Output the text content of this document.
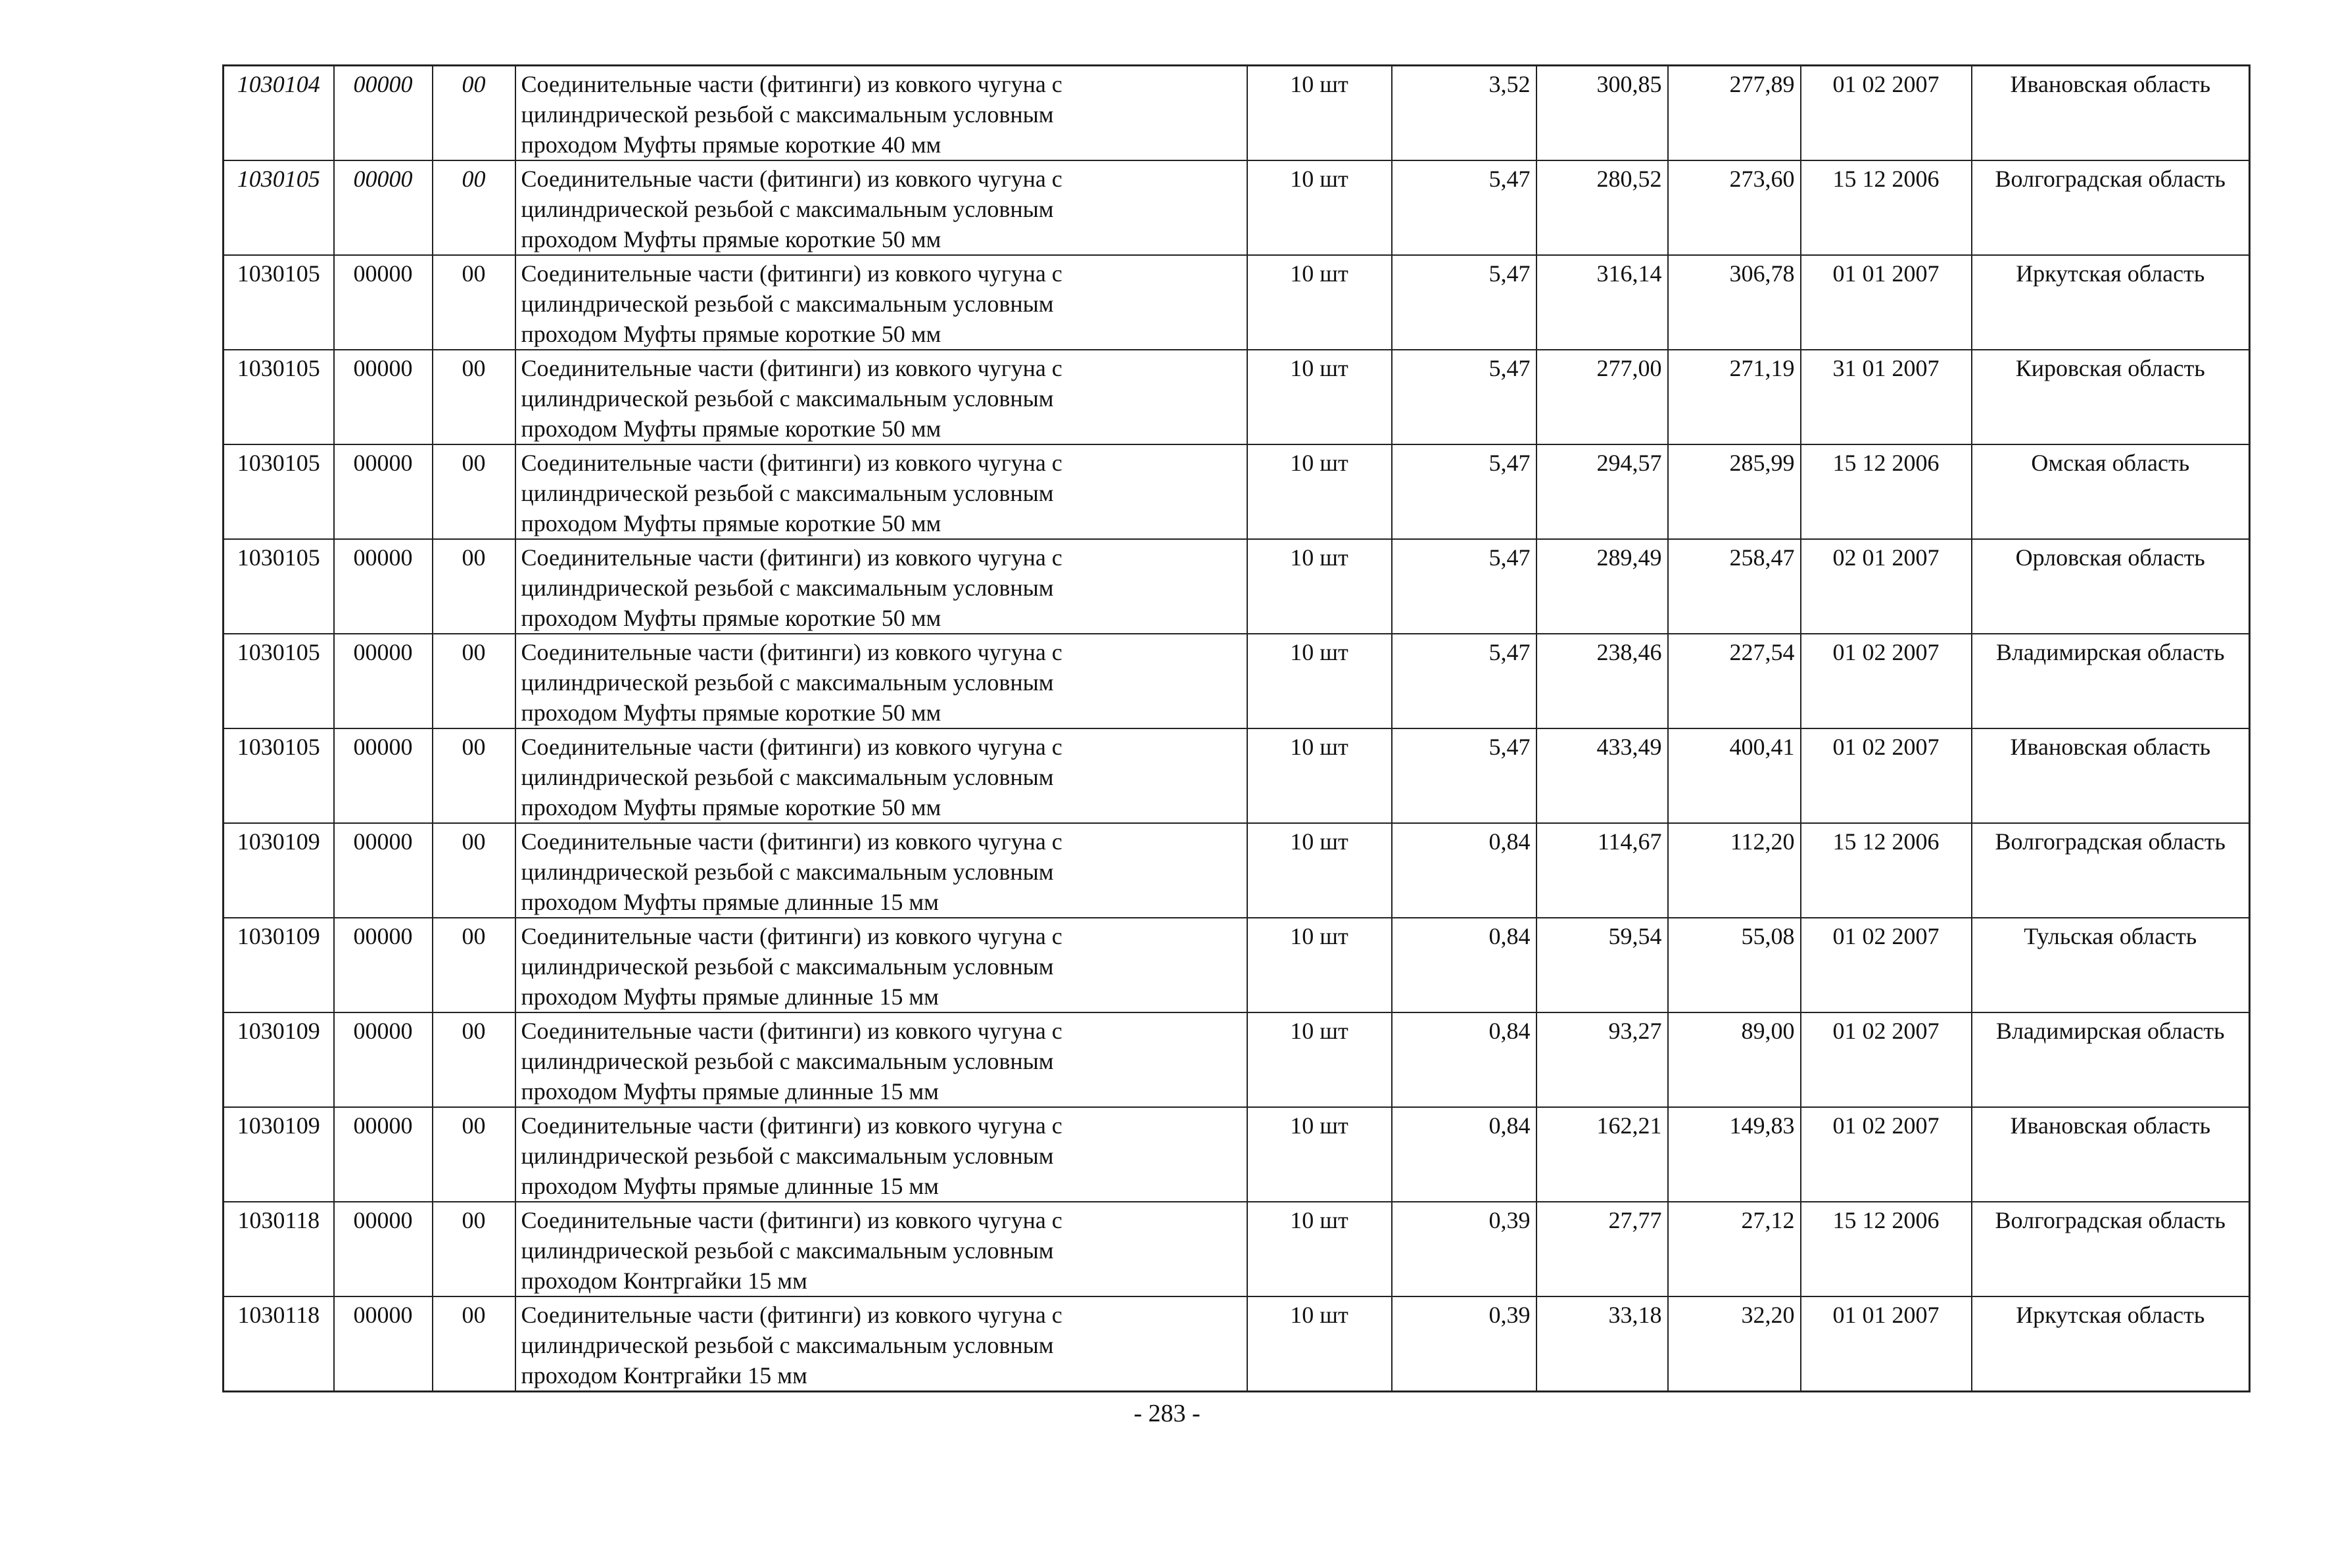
1030104	00000	00	Соединительные части (фитинги) из ковкого чугуна с
цилиндрической резьбой с максимальным условным
проходом Муфты прямые короткие 40 мм	10 шт	3,52	300,85	277,89	01 02 2007	Ивановская область
1030105	00000	00	Соединительные части (фитинги) из ковкого чугуна с
цилиндрической резьбой с максимальным условным
проходом Муфты прямые короткие 50 мм	10 шт	5,47	280,52	273,60	15 12 2006	Волгоградская область
1030105	00000	00	Соединительные части (фитинги) из ковкого чугуна с
цилиндрической резьбой с максимальным условным
проходом Муфты прямые короткие 50 мм	10 шт	5,47	316,14	306,78	01 01 2007	Иркутская область
1030105	00000	00	Соединительные части (фитинги) из ковкого чугуна с
цилиндрической резьбой с максимальным условным
проходом Муфты прямые короткие 50 мм	10 шт	5,47	277,00	271,19	31 01 2007	Кировская область
1030105	00000	00	Соединительные части (фитинги) из ковкого чугуна с
цилиндрической резьбой с максимальным условным
проходом Муфты прямые короткие 50 мм	10 шт	5,47	294,57	285,99	15 12 2006	Омская область
1030105	00000	00	Соединительные части (фитинги) из ковкого чугуна с
цилиндрической резьбой с максимальным условным
проходом Муфты прямые короткие 50 мм	10 шт	5,47	289,49	258,47	02 01 2007	Орловская область
1030105	00000	00	Соединительные части (фитинги) из ковкого чугуна с
цилиндрической резьбой с максимальным условным
проходом Муфты прямые короткие 50 мм	10 шт	5,47	238,46	227,54	01 02 2007	Владимирская область
1030105	00000	00	Соединительные части (фитинги) из ковкого чугуна с
цилиндрической резьбой с максимальным условным
проходом Муфты прямые короткие 50 мм	10 шт	5,47	433,49	400,41	01 02 2007	Ивановская область
1030109	00000	00	Соединительные части (фитинги) из ковкого чугуна с
цилиндрической резьбой с максимальным условным
проходом Муфты прямые длинные 15 мм	10 шт	0,84	114,67	112,20	15 12 2006	Волгоградская область
1030109	00000	00	Соединительные части (фитинги) из ковкого чугуна с
цилиндрической резьбой с максимальным условным
проходом Муфты прямые длинные 15 мм	10 шт	0,84	59,54	55,08	01 02 2007	Тульская область
1030109	00000	00	Соединительные части (фитинги) из ковкого чугуна с
цилиндрической резьбой с максимальным условным
проходом Муфты прямые длинные 15 мм	10 шт	0,84	93,27	89,00	01 02 2007	Владимирская область
1030109	00000	00	Соединительные части (фитинги) из ковкого чугуна с
цилиндрической резьбой с максимальным условным
проходом Муфты прямые длинные 15 мм	10 шт	0,84	162,21	149,83	01 02 2007	Ивановская область
1030118	00000	00	Соединительные части (фитинги) из ковкого чугуна с
цилиндрической резьбой с максимальным условным
проходом Контргайки 15 мм	10 шт	0,39	27,77	27,12	15 12 2006	Волгоградская область
1030118	00000	00	Соединительные части (фитинги) из ковкого чугуна с
цилиндрической резьбой с максимальным условным
проходом Контргайки 15 мм	10 шт	0,39	33,18	32,20	01 01 2007	Иркутская область
- 283 -
